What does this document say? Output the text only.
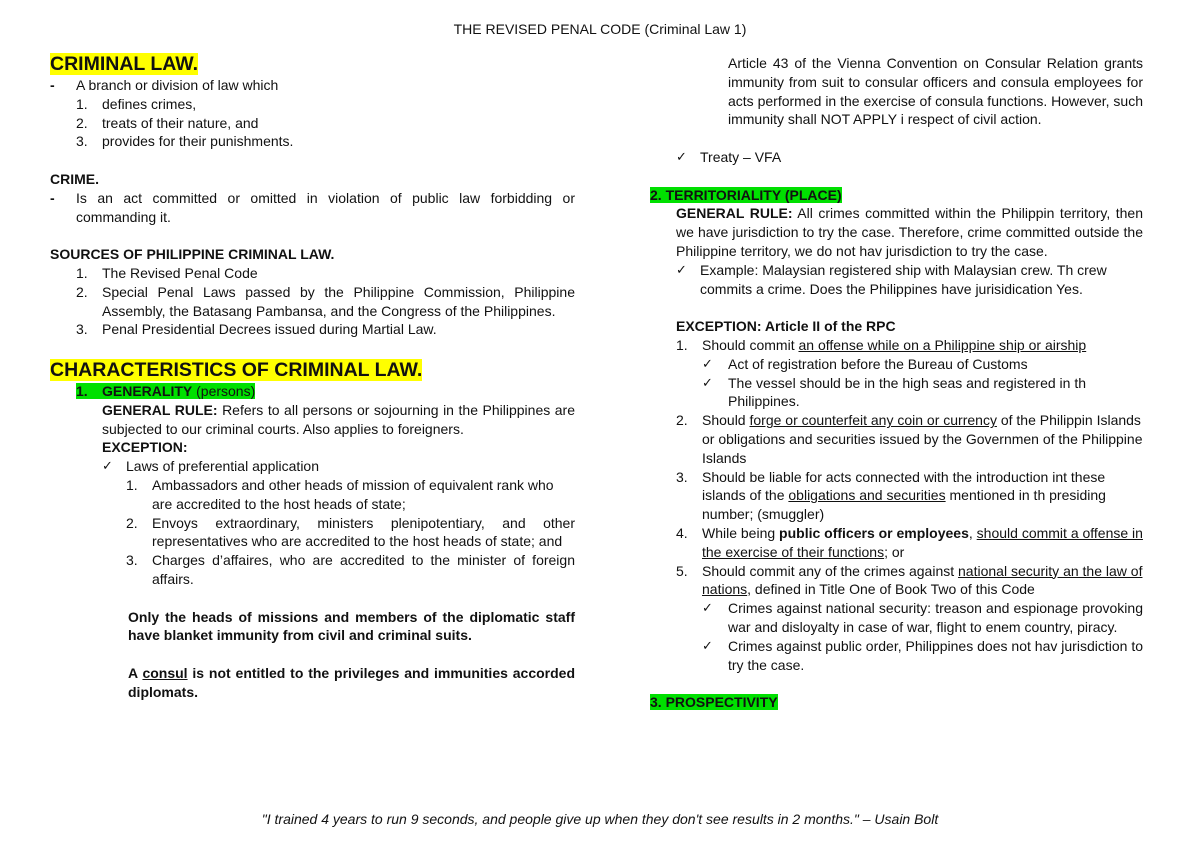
THE REVISED PENAL CODE (Criminal Law 1)
CRIMINAL LAW.
-	A branch or division of law which
1.	defines crimes,
2.	treats of their nature, and
3.	provides for their punishments.
CRIME.
-	Is an act committed or omitted in violation of public law forbidding or commanding it.
SOURCES OF PHILIPPINE CRIMINAL LAW.
1.	The Revised Penal Code
2.	Special Penal Laws passed by the Philippine Commission, Philippine Assembly, the Batasang Pambansa, and the Congress of the Philippines.
3.	Penal Presidential Decrees issued during Martial Law.
CHARACTERISTICS OF CRIMINAL LAW.
1. GENERALITY (persons)
GENERAL RULE: Refers to all persons or sojourning in the Philippines are subjected to our criminal courts. Also applies to foreigners.
EXCEPTION:
✓ Laws of preferential application
1.	Ambassadors and other heads of mission of equivalent rank who are accredited to the host heads of state;
2.	Envoys extraordinary, ministers plenipotentiary, and other representatives who are accredited to the host heads of state; and
3.	Charges d’affaires, who are accredited to the minister of foreign affairs.
Only the heads of missions and members of the diplomatic staff have blanket immunity from civil and criminal suits.
A consul is not entitled to the privileges and immunities accorded diplomats.
Article 43 of the Vienna Convention on Consular Relation grants immunity from suit to consular officers and consula employees for acts performed in the exercise of consula functions. However, such immunity shall NOT APPLY i respect of civil action.
✓ Treaty – VFA
2. TERRITORIALITY (PLACE)
GENERAL RULE: All crimes committed within the Philippin territory, then we have jurisdiction to try the case. Therefore, crime committed outside the Philippine territory, we do not hav jurisdiction to try the case.
✓ Example: Malaysian registered ship with Malaysian crew. Th crew commits a crime. Does the Philippines have jurisidication Yes.
EXCEPTION: Article II of the RPC
1.	Should commit an offense while on a Philippine ship or airship
✓	Act of registration before the Bureau of Customs
✓	The vessel should be in the high seas and registered in th Philippines.
2.	Should forge or counterfeit any coin or currency of the Philippin Islands or obligations and securities issued by the Governmen of the Philippine Islands
3.	Should be liable for acts connected with the introduction int these islands of the obligations and securities mentioned in th presiding number; (smuggler)
4.	While being public officers or employees, should commit a offense in the exercise of their functions; or
5.	Should commit any of the crimes against national security an the law of nations, defined in Title One of Book Two of this Code
✓	Crimes against national security: treason and espionage provoking war and disloyalty in case of war, flight to enem country, piracy.
✓	Crimes against public order, Philippines does not hav jurisdiction to try the case.
3. PROSPECTIVITY
"I trained 4 years to run 9 seconds, and people give up when they don't see results in 2 months." – Usain Bolt
